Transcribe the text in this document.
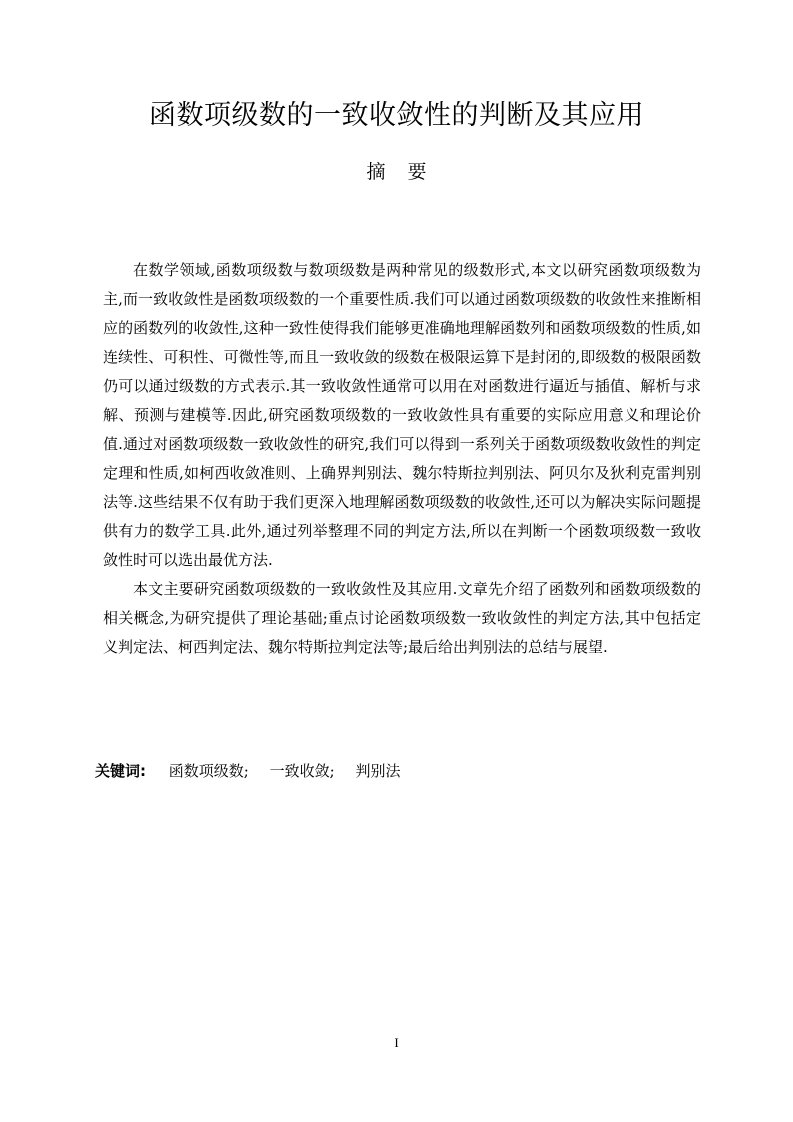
函数项级数的一致收敛性的判断及其应用
摘要

在数学领域,函数项级数与数项级数是两种常见的级数形式,本文以研究函数项级数为主,而一致收敛性是函数项级数的一个重要性质.我们可以通过函数项级数的收敛性来推断相应的函数列的收敛性,这种一致性使得我们能够更准确地理解函数列和函数项级数的性质,如连续性、可积性、可微性等,而且一致收敛的级数在极限运算下是封闭的,即级数的极限函数仍可以通过级数的方式表示.其一致收敛性通常可以用在对函数进行逼近与插值、解析与求解、预测与建模等.因此,研究函数项级数的一致收敛性具有重要的实际应用意义和理论价值.通过对函数项级数一致收敛性的研究,我们可以得到一系列关于函数项级数收敛性的判定定理和性质,如柯西收敛准则、上确界判别法、魏尔特斯拉判别法、阿贝尔及狄利克雷判别法等.这些结果不仅有助于我们更深入地理解函数项级数的收敛性,还可以为解决实际问题提供有力的数学工具.此外,通过列举整理不同的判定方法,所以在判断一个函数项级数一致收敛性时可以选出最优方法.

本文主要研究函数项级数的一致收敛性及其应用.文章先介绍了函数列和函数项级数的相关概念,为研究提供了理论基础;重点讨论函数项级数一致收敛性的判定方法,其中包括定义判定法、柯西判定法、魏尔特斯拉判定法等;最后给出判别法的总结与展望.

关键词: 函数项级数; 一致收敛; 判别法
I
